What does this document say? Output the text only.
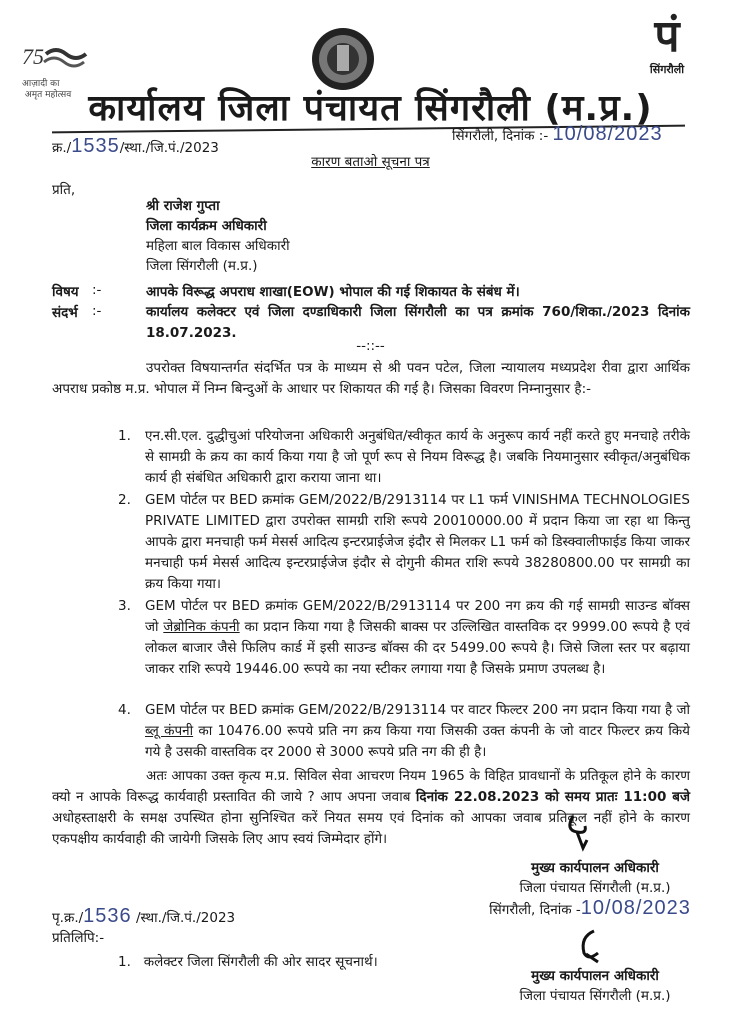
75
आज़ादी का
अमृत महोत्सव
पं
सिंगरौली
कार्यालय जिला पंचायत सिंगरौली (म.प्र.)
क्र./1535/स्था./जि.पं./2023
सिंगरौली, दिनांक :- 10/08/2023
कारण बताओ सूचना पत्र
प्रति,
श्री राजेश गुप्ता
जिला कार्यक्रम अधिकारी
महिला बाल विकास अधिकारी
जिला सिंगरौली (म.प्र.)
विषय :-	आपके विरूद्ध अपराध शाखा(EOW) भोपाल की गई शिकायत के संबंध में।
संदर्भ :-	कार्यालय कलेक्टर एवं जिला दण्डाधिकारी जिला सिंगरौली का पत्र क्रमांक 760/शिका./2023 दिनांक
18.07.2023.
--::--
उपरोक्त विषयान्तर्गत संदर्भित पत्र के माध्यम से श्री पवन पटेल, जिला न्यायालय मध्यप्रदेश रीवा द्वारा आर्थिक अपराध प्रकोष्ठ म.प्र. भोपाल में निम्न बिन्दुओं के आधार पर शिकायत की गई है। जिसका विवरण निम्नानुसार है:-
1. एन.सी.एल. दुद्धीचुआं परियोजना अधिकारी अनुबंधित/स्वीकृत कार्य के अनुरूप कार्य नहीं करते हुए मनचाहे तरीके से सामग्री के क्रय का कार्य किया गया है जो पूर्ण रूप से नियम विरूद्ध है। जबकि नियमानुसार स्वीकृत/अनुबंधिक कार्य ही संबंधित अधिकारी द्वारा कराया जाना था।
2. GEM पोर्टल पर BED क्रमांक GEM/2022/B/2913114 पर L1 फर्म VINISHMA TECHNOLOGIES PRIVATE LIMITED द्वारा उपरोक्त सामग्री राशि रूपये 20010000.00 में प्रदान किया जा रहा था किन्तु आपके द्वारा मनचाही फर्म मेसर्स आदित्य इन्टरप्राईजेज इंदौर से मिलकर L1 फर्म को डिस्क्वालीफाईड किया जाकर मनचाही फर्म मेसर्स आदित्य इन्टरप्राईजेज इंदौर से दोगुनी कीमत राशि रूपये 38280800.00 पर सामग्री का क्रय किया गया।
3. GEM पोर्टल पर BED क्रमांक GEM/2022/B/2913114 पर 200 नग क्रय की गई सामग्री साउन्ड बॉक्स जो जेब्रोनिक कंपनी का प्रदान किया गया है जिसकी बाक्स पर उल्लिखित वास्तविक दर 9999.00 रूपये है एवं लोकल बाजार जैसे फिलिप कार्ड में इसी साउन्ड बॉक्स की दर 5499.00 रूपये है। जिसे जिला स्तर पर बढ़ाया जाकर राशि रूपये 19446.00 रूपये का नया स्टीकर लगाया गया है जिसके प्रमाण उपलब्ध है।
4. GEM पोर्टल पर BED क्रमांक GEM/2022/B/2913114 पर वाटर फिल्टर 200 नग प्रदान किया गया है जो ब्लू कंपनी का 10476.00 रूपये प्रति नग क्रय किया गया जिसकी उक्त कंपनी के जो वाटर फिल्टर क्रय किये गये है उसकी वास्तविक दर 2000 से 3000 रूपये प्रति नग की ही है।
अतः आपका उक्त कृत्य म.प्र. सिविल सेवा आचरण नियम 1965 के विहित प्रावधानों के प्रतिकूल होने के कारण क्यो न आपके विरूद्ध कार्यवाही प्रस्तावित की जाये ? आप अपना जवाब दिनांक 22.08.2023 को समय प्रातः 11:00 बजे अधोहस्ताक्षरी के समक्ष उपस्थित होना सुनिश्चित करें नियत समय एवं दिनांक को आपका जवाब प्रतिकूल नहीं होने के कारण एकपक्षीय कार्यवाही की जायेगी जिसके लिए आप स्वयं जिम्मेदार होंगे।
मुख्य कार्यपालन अधिकारी
जिला पंचायत सिंगरौली (म.प्र.)
सिंगरौली, दिनांक -10/08/2023
पृ.क्र./1536 /स्था./जि.पं./2023
प्रतिलिपि:-
1. कलेक्टर जिला सिंगरौली की ओर सादर सूचनार्थ।
मुख्य कार्यपालन अधिकारी
जिला पंचायत सिंगरौली (म.प्र.)
